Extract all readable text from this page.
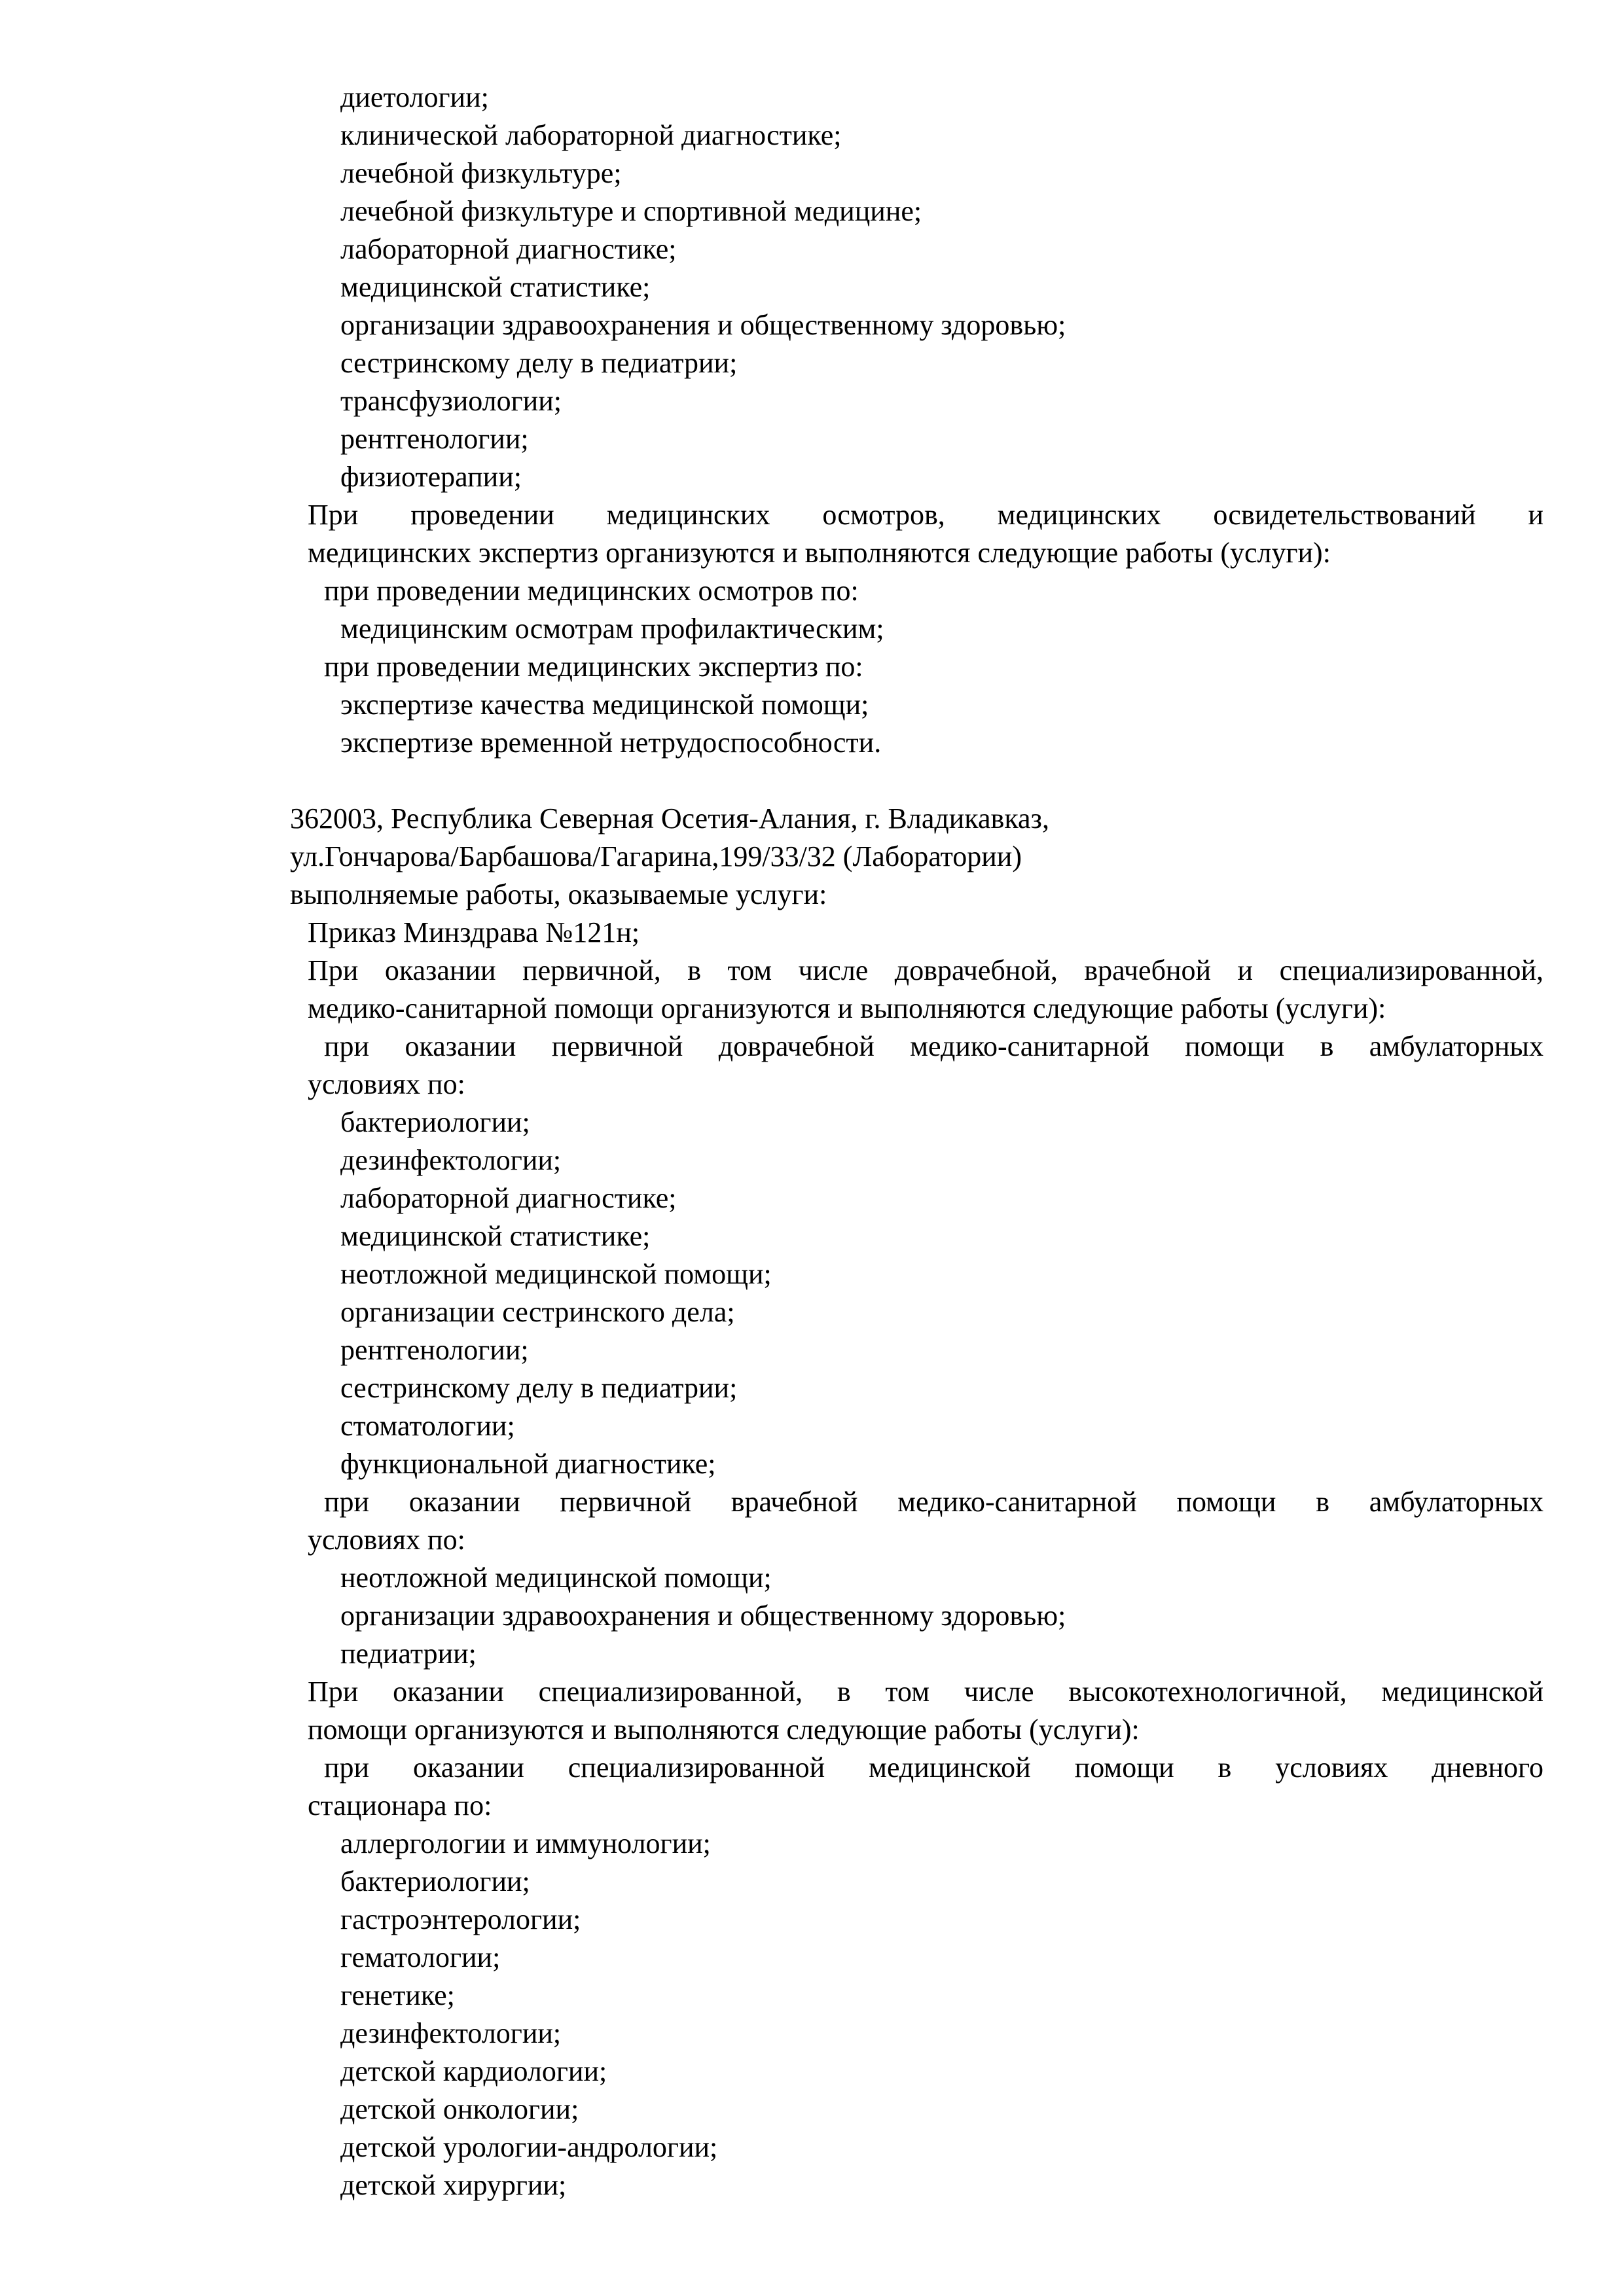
диетологии;
клинической лабораторной диагностике;
лечебной физкультуре;
лечебной физкультуре и спортивной медицине;
лабораторной диагностике;
медицинской статистике;
организации здравоохранения и общественному здоровью;
сестринскому делу в педиатрии;
трансфузиологии;
рентгенологии;
физиотерапии;
При проведении медицинских осмотров, медицинских освидетельствований и
медицинских экспертиз организуются и выполняются следующие работы (услуги):
при проведении медицинских осмотров по:
медицинским осмотрам профилактическим;
при проведении медицинских экспертиз по:
экспертизе качества медицинской помощи;
экспертизе временной нетрудоспособности.
362003, Республика Северная Осетия-Алания, г. Владикавказ,
ул.Гончарова/Барбашова/Гагарина,199/33/32 (Лаборатории)
выполняемые работы, оказываемые услуги:
Приказ Минздрава №121н;
При оказании первичной, в том числе доврачебной, врачебной и специализированной,
медико-санитарной помощи организуются и выполняются следующие работы (услуги):
при оказании первичной доврачебной медико-санитарной помощи в амбулаторных
условиях по:
бактериологии;
дезинфектологии;
лабораторной диагностике;
медицинской статистике;
неотложной медицинской помощи;
организации сестринского дела;
рентгенологии;
сестринскому делу в педиатрии;
стоматологии;
функциональной диагностике;
при оказании первичной врачебной медико-санитарной помощи в амбулаторных
условиях по:
неотложной медицинской помощи;
организации здравоохранения и общественному здоровью;
педиатрии;
При оказании специализированной, в том числе высокотехнологичной, медицинской
помощи организуются и выполняются следующие работы (услуги):
при оказании специализированной медицинской помощи в условиях дневного
стационара по:
аллергологии и иммунологии;
бактериологии;
гастроэнтерологии;
гематологии;
генетике;
дезинфектологии;
детской кардиологии;
детской онкологии;
детской урологии-андрологии;
детской хирургии;
